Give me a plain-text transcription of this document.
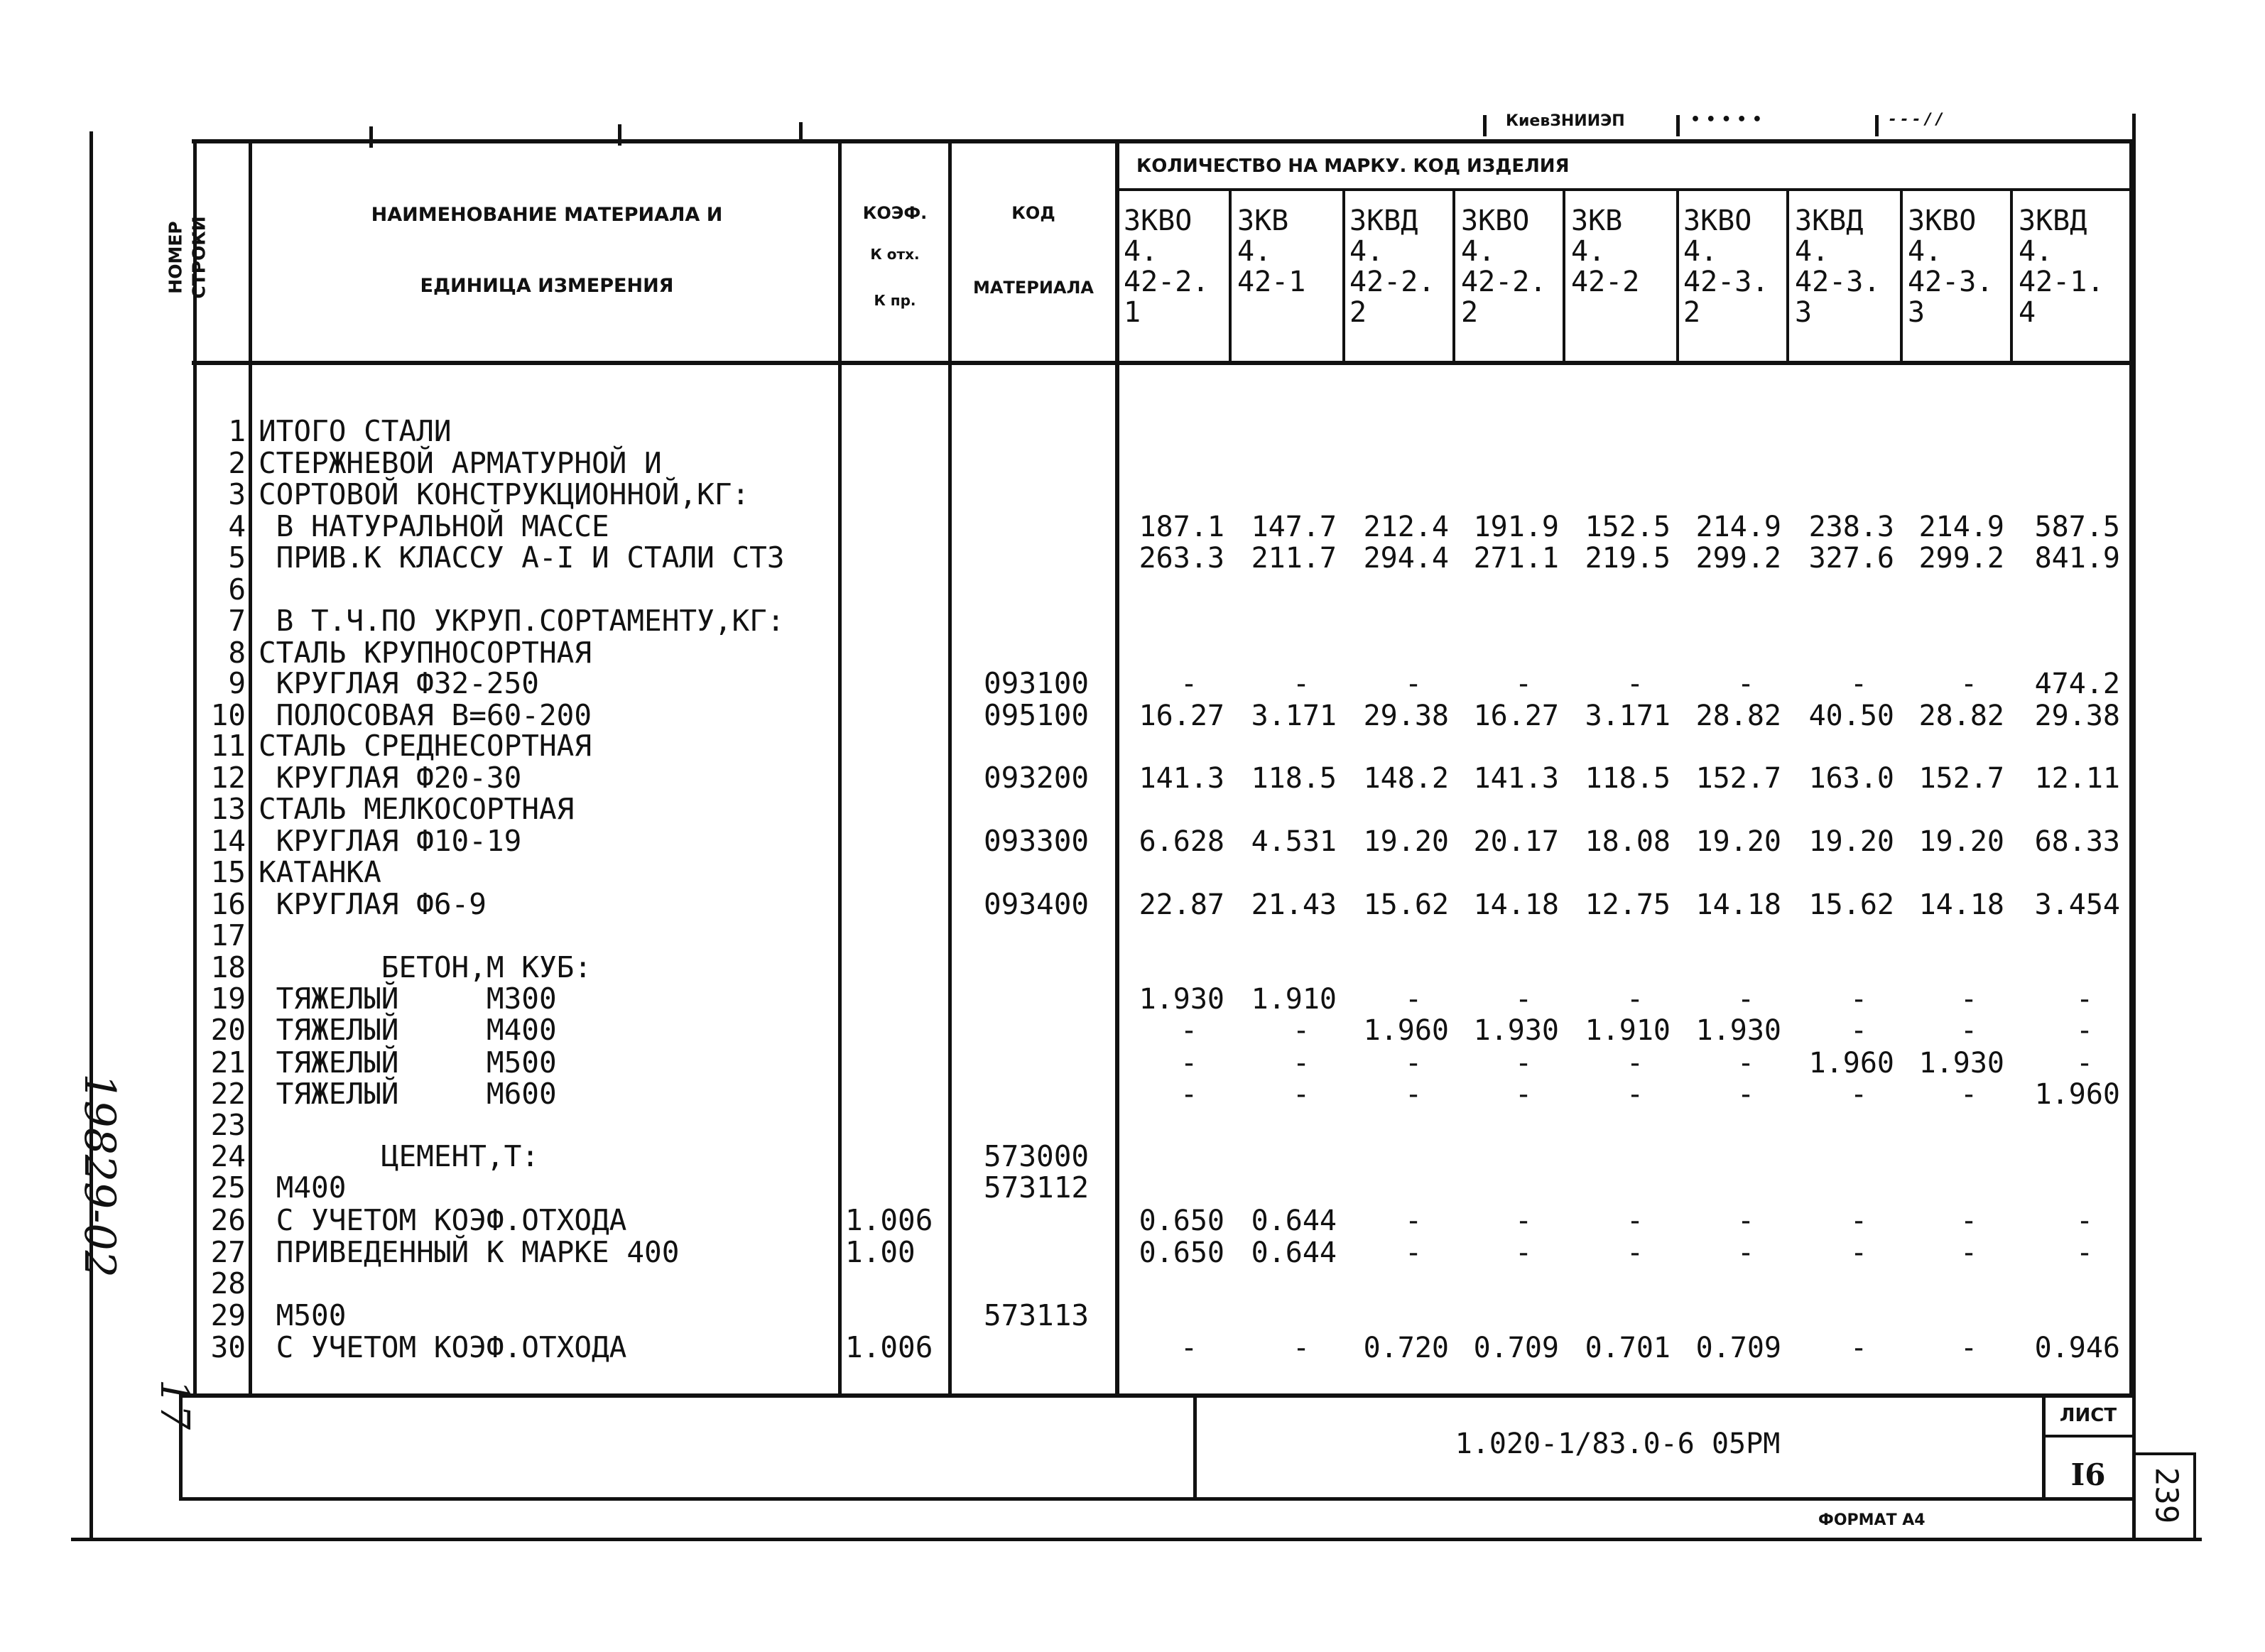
КиевЗНИИЭП	• • • • •	- - - / /
НОМЕР СТРОКИ
НАИМЕНОВАНИЕ МАТЕРИАЛА И
ЕДИНИЦА ИЗМЕРЕНИЯ
КОЭФ.
К отх.
К пр.
КОД
МАТЕРИАЛА
КОЛИЧЕСТВО НА МАРКУ. КОД ИЗДЕЛИЯ
ЗКВО
4.
42-2.
1
ЗКВ
4.
42-1
ЗКВД
4.
42-2.
2
ЗКВО
4.
42-2.
2
ЗКВ
4.
42-2
ЗКВО
4.
42-3.
2
ЗКВД
4.
42-3.
3
ЗКВО
4.
42-3.
3
ЗКВД
4.
42-1.
4
1 ИТОГО СТАЛИ
2 СТЕРЖНЕВОЙ АРМАТУРНОЙ И
3 СОРТОВОЙ КОНСТРУКЦИОННОЙ,КГ:
4 В НАТУРАЛЬНОЙ МАССЕ	187.1 147.7 212.4 191.9 152.5 214.9 238.3 214.9	587.5
5 ПРИВ.К КЛАССУ А-I И СТАЛИ СТ3	263.3 211.7 294.4 271.1 219.5 299.2 327.6 299.2	841.9
6
7 В Т.Ч.ПО УКРУП.СОРТАМЕНТУ,КГ:
8 СТАЛЬ КРУПНОСОРТНАЯ
9 КРУГЛАЯ Ф32-250	093100	-	-	-	-	-	-	-	-	474.2
10 ПОЛОСОВАЯ В=60-200	095100	16.27 3.171 29.38 16.27 3.171 28.82 40.50 28.82	29.38
11 СТАЛЬ СРЕДНЕСОРТНАЯ
12 КРУГЛАЯ Ф20-30	093200	141.3 118.5 148.2 141.3 118.5 152.7 163.0 152.7	12.11
13 СТАЛЬ МЕЛКОСОРТНАЯ
14 КРУГЛАЯ Ф10-19	093300	6.628 4.531 19.20 20.17 18.08 19.20 19.20 19.20	68.33
15 КАТАНКА
16 КРУГЛАЯ Ф6-9	093400	22.87 21.43 15.62 14.18 12.75 14.18 15.62 14.18	3.454
17
18 БЕТОН,М КУБ:
19 ТЯЖЕЛЫЙ     М300	1.930 1.910	-	-	-	-	-	-	-
20 ТЯЖЕЛЫЙ     М400	-	-	1.960 1.930 1.910 1.930	-	-	-
21 ТЯЖЕЛЫЙ     М500	-	-	-	-	-	-	1.960 1.930	-
22 ТЯЖЕЛЫЙ     М600	-	-	-	-	-	-	-	-	1.960
23
24 ЦЕМЕНТ,Т:	573000
25 М400	573112
26 С УЧЕТОМ КОЭФ.ОТХОДА	1.006	0.650 0.644	-	-	-	-	-	-	-
27 ПРИВЕДЕННЫЙ К МАРКЕ 400	1.00	0.650 0.644	-	-	-	-	-	-	-
28
29 М500	573113
30 С УЧЕТОМ КОЭФ.ОТХОДА	1.006	-	-	0.720 0.709 0.701 0.709	-	-	0.946
1.020-1/83.0-6 05РМ
ЛИСТ
I6
ФОРМАТ А4
19829-02
17
239
